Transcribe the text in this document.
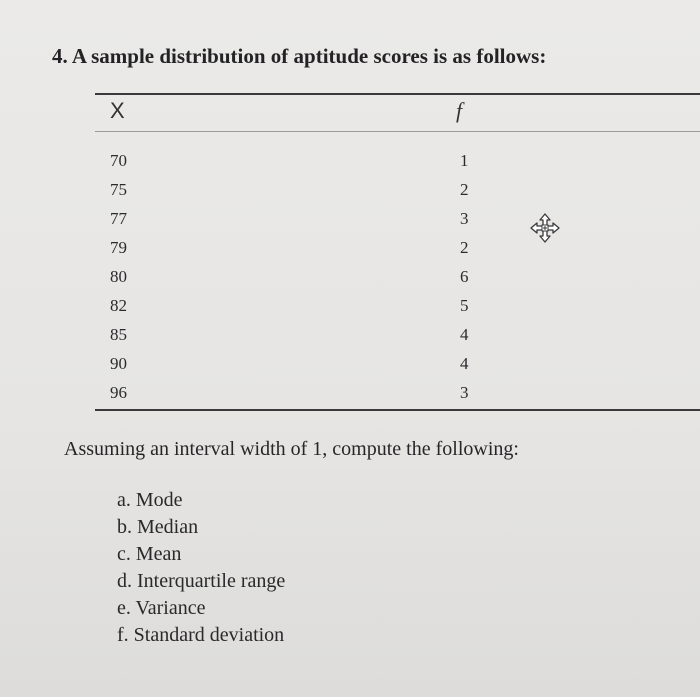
4. A sample distribution of aptitude scores is as follows:
X	f
70	1
75	2
77	3
79	2
80	6
82	5
85	4
90	4
96	3
Assuming an interval width of 1, compute the following:
a. Mode
b. Median
c. Mean
d. Interquartile range
e. Variance
f. Standard deviation
